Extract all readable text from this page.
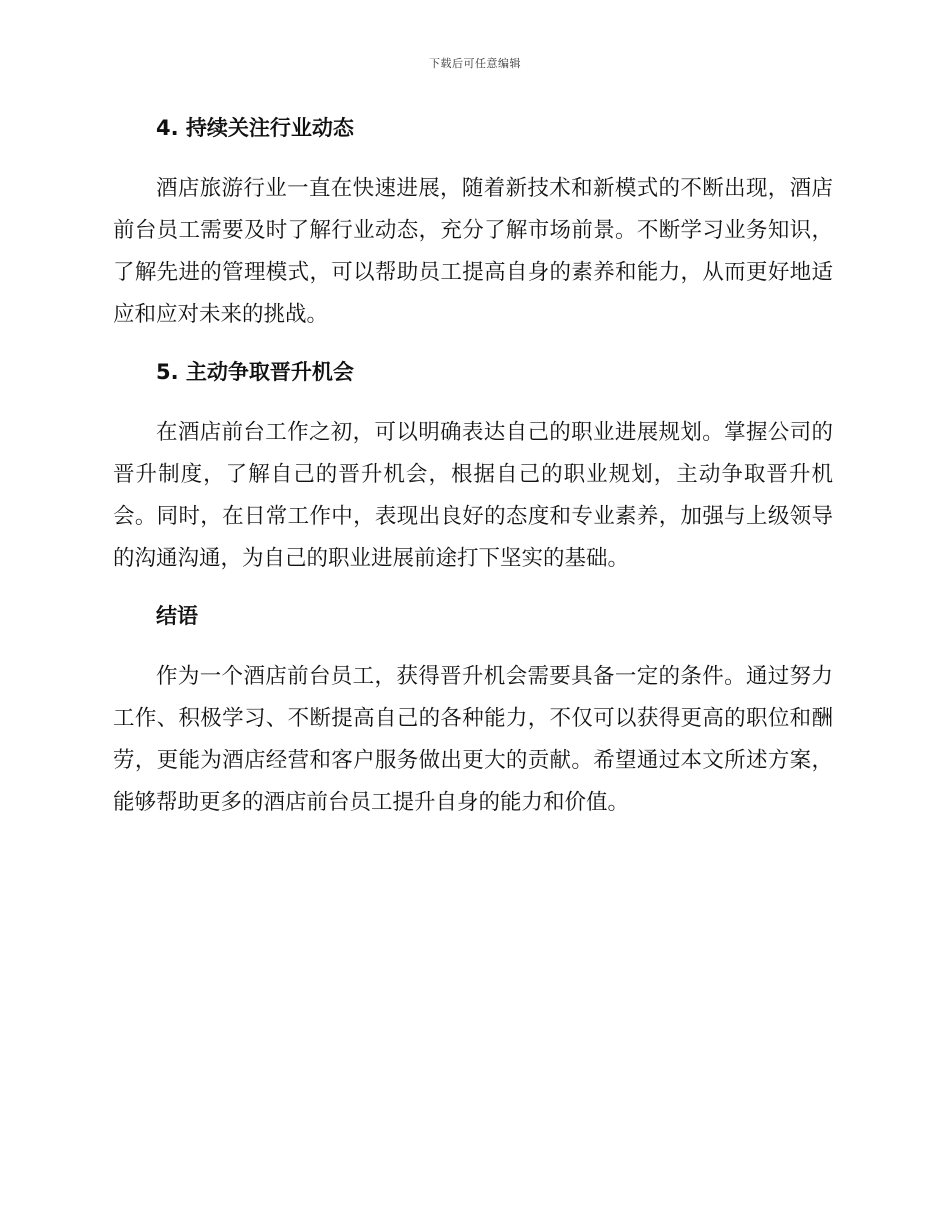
下载后可任意编辑
4. 持续关注行业动态

酒店旅游行业一直在快速进展，随着新技术和新模式的不断出现，酒店前台员工需要及时了解行业动态，充分了解市场前景。不断学习业务知识，了解先进的管理模式，可以帮助员工提高自身的素养和能力，从而更好地适应和应对未来的挑战。

5. 主动争取晋升机会

在酒店前台工作之初，可以明确表达自己的职业进展规划。掌握公司的晋升制度，了解自己的晋升机会，根据自己的职业规划，主动争取晋升机会。同时，在日常工作中，表现出良好的态度和专业素养，加强与上级领导的沟通沟通，为自己的职业进展前途打下坚实的基础。

结语

作为一个酒店前台员工，获得晋升机会需要具备一定的条件。通过努力工作、积极学习、不断提高自己的各种能力，不仅可以获得更高的职位和酬劳，更能为酒店经营和客户服务做出更大的贡献。希望通过本文所述方案，能够帮助更多的酒店前台员工提升自身的能力和价值。
